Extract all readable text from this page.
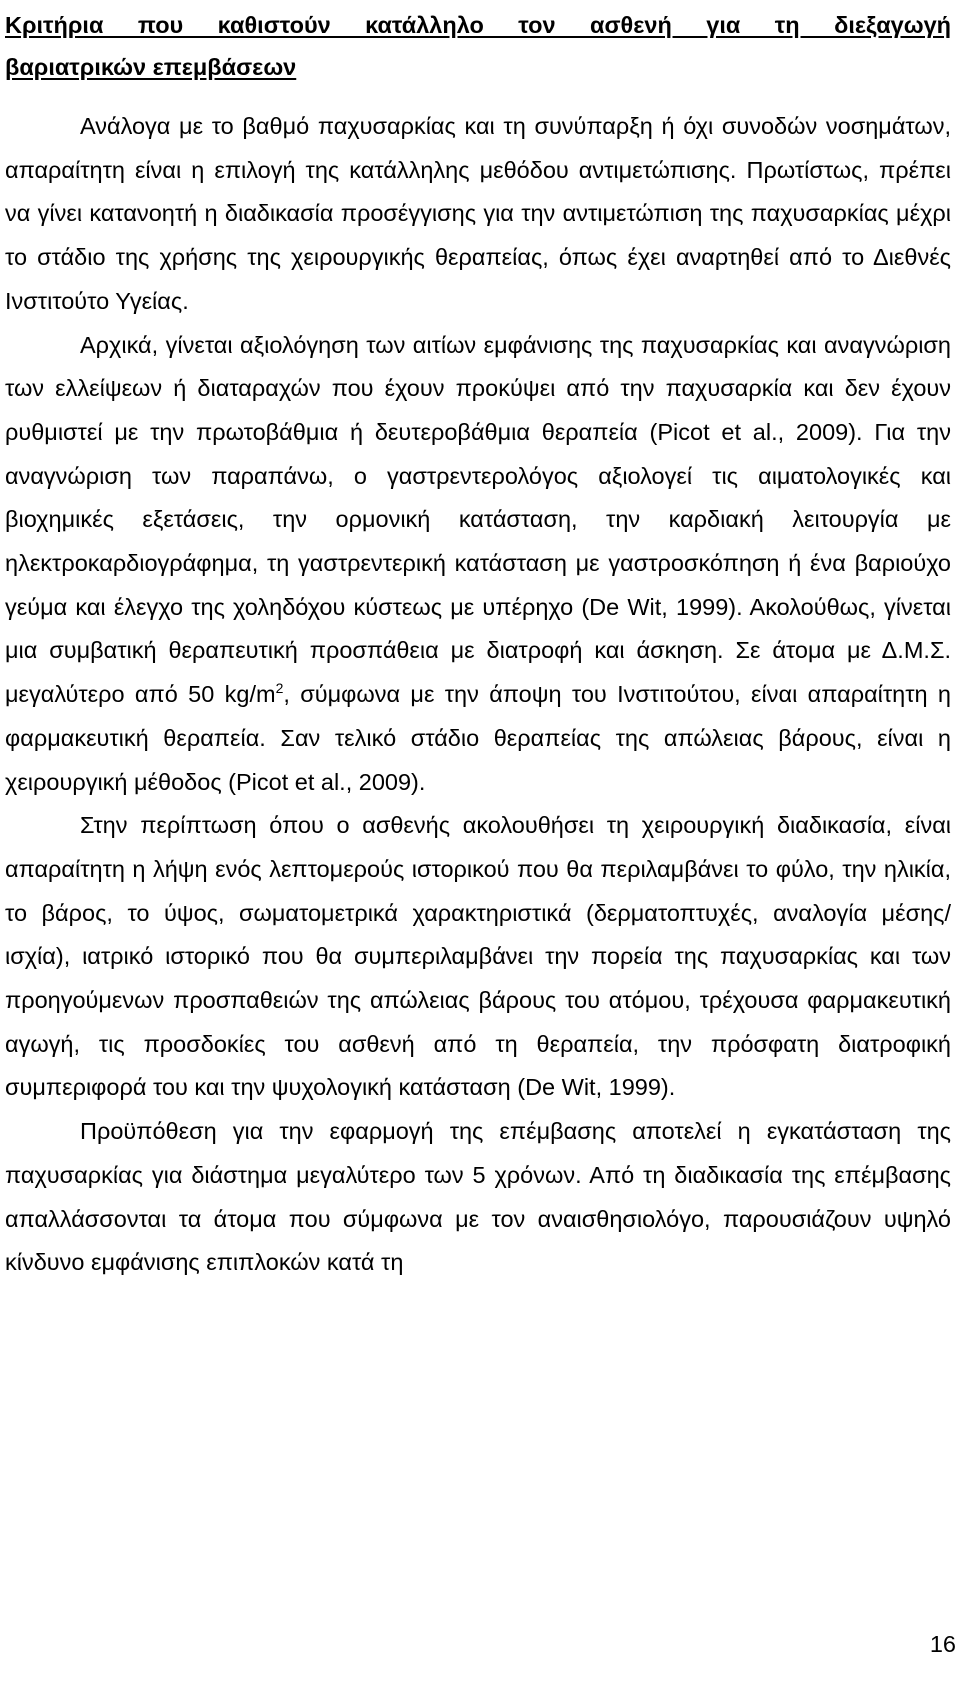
Κριτήρια που καθιστούν κατάλληλο τον ασθενή για τη διεξαγωγή
βαριατρικών επεμβάσεων

Ανάλογα με το βαθμό παχυσαρκίας και τη συνύπαρξη ή όχι συνοδών νοσημάτων, απαραίτητη είναι η επιλογή της κατάλληλης μεθόδου αντιμετώπισης. Πρωτίστως, πρέπει να γίνει κατανοητή η διαδικασία προσέγγισης για την αντιμετώπιση της παχυσαρκίας μέχρι το στάδιο της χρήσης της χειρουργικής θεραπείας, όπως έχει αναρτηθεί από το Διεθνές Ινστιτούτο Υγείας.

Αρχικά, γίνεται αξιολόγηση των αιτίων εμφάνισης της παχυσαρκίας και αναγνώριση των ελλείψεων ή διαταραχών που έχουν προκύψει από την παχυσαρκία και δεν έχουν ρυθμιστεί με την πρωτοβάθμια ή δευτεροβάθμια θεραπεία (Picot et al., 2009). Για την αναγνώριση των παραπάνω, ο γαστρεντερολόγος αξιολογεί τις αιματολογικές και βιοχημικές εξετάσεις, την ορμονική κατάσταση, την καρδιακή λειτουργία με ηλεκτροκαρδιογράφημα, τη γαστρεντερική κατάσταση με γαστροσκόπηση ή ένα βαριούχο γεύμα και έλεγχο της χοληδόχου κύστεως με υπέρηχο (De Wit, 1999). Ακολούθως, γίνεται μια συμβατική θεραπευτική προσπάθεια με διατροφή και άσκηση. Σε άτομα με Δ.Μ.Σ. μεγαλύτερο από 50 $kg/m^2$, σύμφωνα με την άποψη του Ινστιτούτου, είναι απαραίτητη η φαρμακευτική θεραπεία. Σαν τελικό στάδιο θεραπείας της απώλειας βάρους, είναι η χειρουργική μέθοδος (Picot et al., 2009).

Στην περίπτωση όπου ο ασθενής ακολουθήσει τη χειρουργική διαδικασία, είναι απαραίτητη η λήψη ενός λεπτομερούς ιστορικού που θα περιλαμβάνει το φύλο, την ηλικία, το βάρος, το ύψος, σωματομετρικά χαρακτηριστικά (δερματοπτυχές, αναλογία μέσης/ ισχία), ιατρικό ιστορικό που θα συμπεριλαμβάνει την πορεία της παχυσαρκίας και των προηγούμενων προσπαθειών της απώλειας βάρους του ατόμου, τρέχουσα φαρμακευτική αγωγή, τις προσδοκίες του ασθενή από τη θεραπεία, την πρόσφατη διατροφική συμπεριφορά του και την ψυχολογική κατάσταση (De Wit, 1999).

Προϋπόθεση για την εφαρμογή της επέμβασης αποτελεί η εγκατάσταση της παχυσαρκίας για διάστημα μεγαλύτερο των 5 χρόνων. Από τη διαδικασία της επέμβασης απαλλάσσονται τα άτομα που σύμφωνα με τον αναισθησιολόγο, παρουσιάζουν υψηλό κίνδυνο εμφάνισης επιπλοκών κατά τη

16
